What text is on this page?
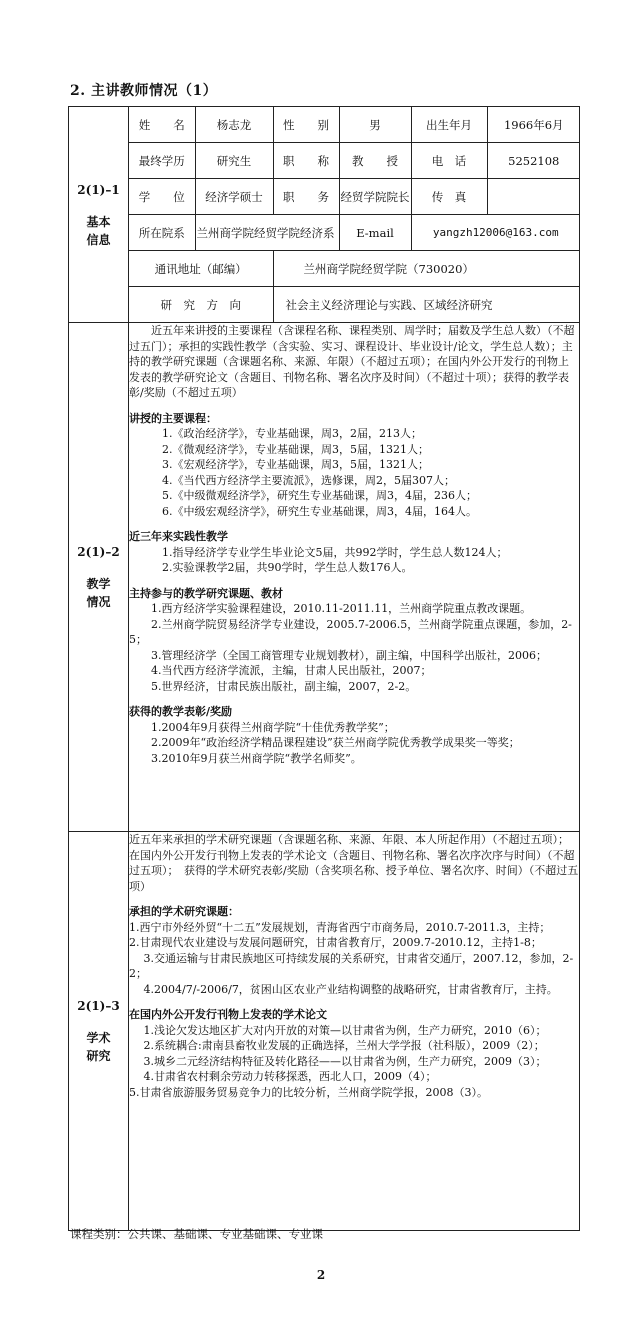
2. 主讲教师情况（1）
2(1)–1
基本信息	
姓　　名	杨志龙	性　　别	男	出生年月	1966年6月
最终学历	研究生	职　　称	教　　授	电　话	5252108
学　　位	经济学硕士	职　　务	经贸学院院长	传　真	
所在院系	兰州商学院经贸学院经济系	E-mail	yangzh12006@163.com
通讯地址（邮编）	兰州商学院经贸学院（730020）
研　究　方　向	社会主义经济理论与实践、区域经济研究

2(1)–2
教学情况	

　　近五年来讲授的主要课程（含课程名称、课程类别、周学时；届数及学生总人数）（不超过五门）；承担的实践性教学（含实验、实习、课程设计、毕业设计/论文，学生总人数）；主持的教学研究课题（含课题名称、来源、年限）（不超过五项）；在国内外公开发行的刊物上发表的教学研究论文（含题目、刊物名称、署名次序及时间）（不超过十项）；获得的教学表彰/奖励（不超过五项）

讲授的主要课程：

　　　1.《政治经济学》，专业基础课，周3，2届，213人；

　　　2.《微观经济学》，专业基础课，周3，5届，1321人；

　　　3.《宏观经济学》，专业基础课，周3，5届，1321人；

　　　4.《当代西方经济学主要流派》，选修课，周2，5届307人；

　　　5.《中级微观经济学》，研究生专业基础课，周3，4届，236人；

　　　6.《中级宏观经济学》，研究生专业基础课，周3，4届，164人。

近三年来实践性教学

　　　1.指导经济学专业学生毕业论文5届，共992学时，学生总人数124人；

　　　2.实验课教学2届，共90学时，学生总人数176人。

主持参与的教学研究课题、教材

　　1.西方经济学实验课程建设，2010.11-2011.11，兰州商学院重点教改课题。

　　2.兰州商学院贸易经济学专业建设，2005.7-2006.5，兰州商学院重点课题，参加，2-5；

　　3.管理经济学（全国工商管理专业规划教材），副主编，中国科学出版社，2006；

　　4.当代西方经济学流派，主编，甘肃人民出版社，2007；

　　5.世界经济，甘肃民族出版社，副主编，2007，2-2。

获得的教学表彰/奖励

　　1.2004年9月获得兰州商学院“十佳优秀教学奖”；

　　2.2009年“政治经济学精品课程建设”获兰州商学院优秀教学成果奖一等奖；

　　3.2010年9月获兰州商学院“教学名师奖”。

2(1)–3
学术研究	

近五年来承担的学术研究课题（含课题名称、来源、年限、本人所起作用）（不超过五项）；　在国内外公开发行刊物上发表的学术论文（含题目、刊物名称、署名次序次序与时间）（不超过五项）；　获得的学术研究表彰/奖励（含奖项名称、授予单位、署名次序、时间）（不超过五项）

承担的学术研究课题：

1.西宁市外经外贸“十二五”发展规划，青海省西宁市商务局，2010.7-2011.3，主持；

2.甘肃现代农业建设与发展问题研究，甘肃省教育厅，2009.7-2010.12，主持1-8；

　 3.交通运输与甘肃民族地区可持续发展的关系研究，甘肃省交通厅，2007.12，参加，2-2；

　 4.2004/7/-2006/7，贫困山区农业产业结构调整的战略研究，甘肃省教育厅，主持。

在国内外公开发行刊物上发表的学术论文

　 1.浅论欠发达地区扩大对内开放的对策—以甘肃省为例，生产力研究，2010（6）；

　 2.系统耦合:肃南县畜牧业发展的正确选择，兰州大学学报（社科版），2009（2）；

　 3.城乡二元经济结构特征及转化路径——以甘肃省为例，生产力研究，2009（3）；

　 4.甘肃省农村剩余劳动力转移探悉，西北人口，2009（4）；

5.甘肃省旅游服务贸易竞争力的比较分析，兰州商学院学报，2008（3）。

课程类别：公共课、基础课、专业基础课、专业课
2
